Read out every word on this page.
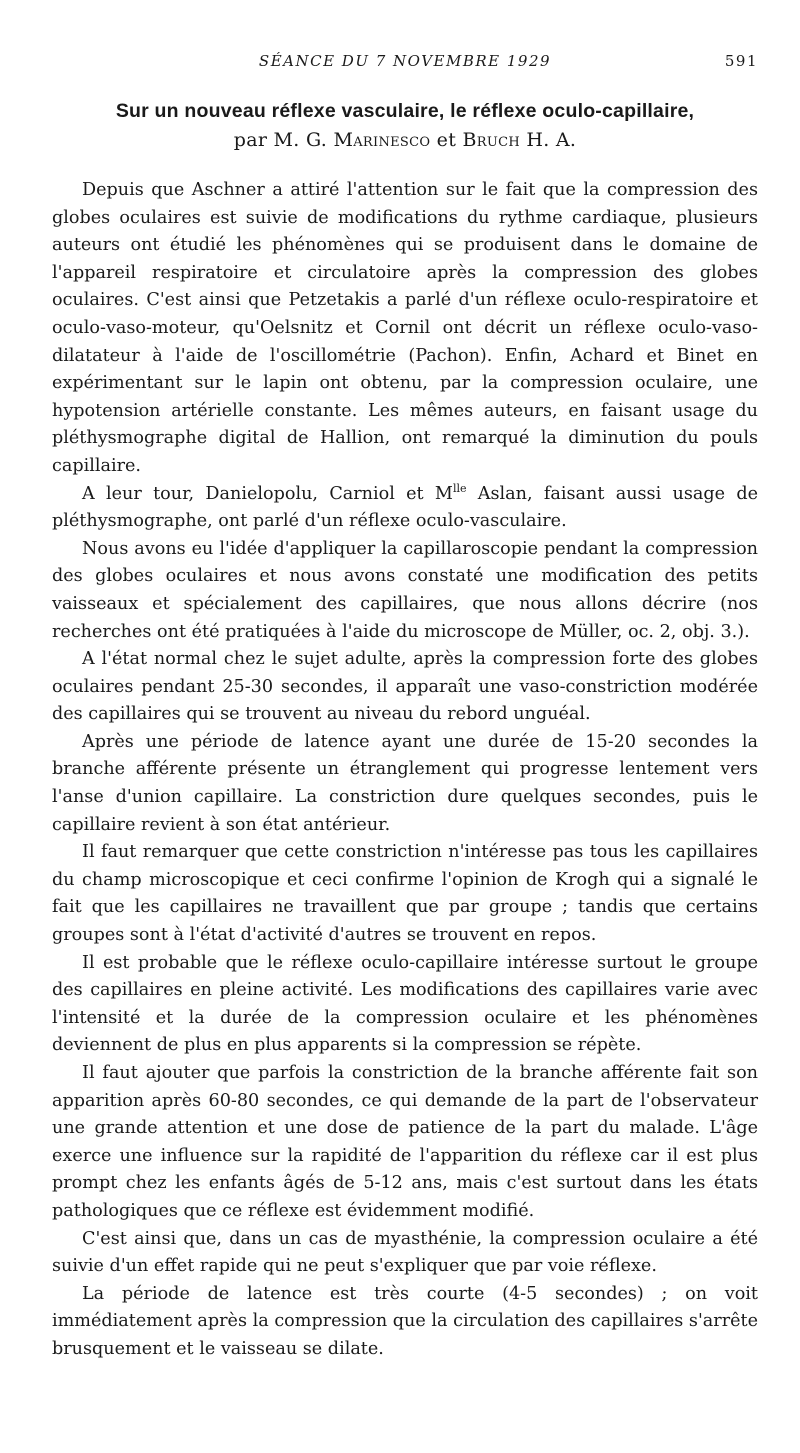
SÉANCE DU 7 NOVEMBRE 1929	591
Sur un nouveau réflexe vasculaire, le réflexe oculo-capillaire,
par M. G. Marinesco et Bruch H. A.

Depuis que Aschner a attiré l'attention sur le fait que la compression des globes oculaires est suivie de modifications du rythme cardiaque, plusieurs auteurs ont étudié les phénomènes qui se produisent dans le domaine de l'appareil respiratoire et circulatoire après la compression des globes oculaires. C'est ainsi que Petzetakis a parlé d'un réflexe oculo-respiratoire et oculo-vaso-moteur, qu'Oelsnitz et Cornil ont décrit un réflexe oculo-vaso-dilatateur à l'aide de l'oscillométrie (Pachon). Enfin, Achard et Binet en expérimentant sur le lapin ont obtenu, par la compression oculaire, une hypotension artérielle constante. Les mêmes auteurs, en faisant usage du pléthysmographe digital de Hallion, ont remarqué la diminution du pouls capillaire.

A leur tour, Danielopolu, Carniol et $M^{lle}$ Aslan, faisant aussi usage de pléthysmographe, ont parlé d'un réflexe oculo-vasculaire.

Nous avons eu l'idée d'appliquer la capillaroscopie pendant la compression des globes oculaires et nous avons constaté une modification des petits vaisseaux et spécialement des capillaires, que nous allons décrire (nos recherches ont été pratiquées à l'aide du microscope de Müller, oc. 2, obj. 3.).

A l'état normal chez le sujet adulte, après la compression forte des globes oculaires pendant 25-30 secondes, il apparaît une vaso-constriction modérée des capillaires qui se trouvent au niveau du rebord unguéal.

Après une période de latence ayant une durée de 15-20 secondes la branche afférente présente un étranglement qui progresse lentement vers l'anse d'union capillaire. La constriction dure quelques secondes, puis le capillaire revient à son état antérieur.

Il faut remarquer que cette constriction n'intéresse pas tous les capillaires du champ microscopique et ceci confirme l'opinion de Krogh qui a signalé le fait que les capillaires ne travaillent que par groupe ; tandis que certains groupes sont à l'état d'activité d'autres se trouvent en repos.

Il est probable que le réflexe oculo-capillaire intéresse surtout le groupe des capillaires en pleine activité. Les modifications des capillaires varie avec l'intensité et la durée de la compression oculaire et les phénomènes deviennent de plus en plus apparents si la compression se répète.

Il faut ajouter que parfois la constriction de la branche afférente fait son apparition après 60-80 secondes, ce qui demande de la part de l'observateur une grande attention et une dose de patience de la part du malade. L'âge exerce une influence sur la rapidité de l'apparition du réflexe car il est plus prompt chez les enfants âgés de 5-12 ans, mais c'est surtout dans les états pathologiques que ce réflexe est évidemment modifié.

C'est ainsi que, dans un cas de myasthénie, la compression oculaire a été suivie d'un effet rapide qui ne peut s'expliquer que par voie réflexe.

La période de latence est très courte (4-5 secondes) ; on voit immédiatement après la compression que la circulation des capillaires s'arrête brusquement et le vaisseau se dilate.
